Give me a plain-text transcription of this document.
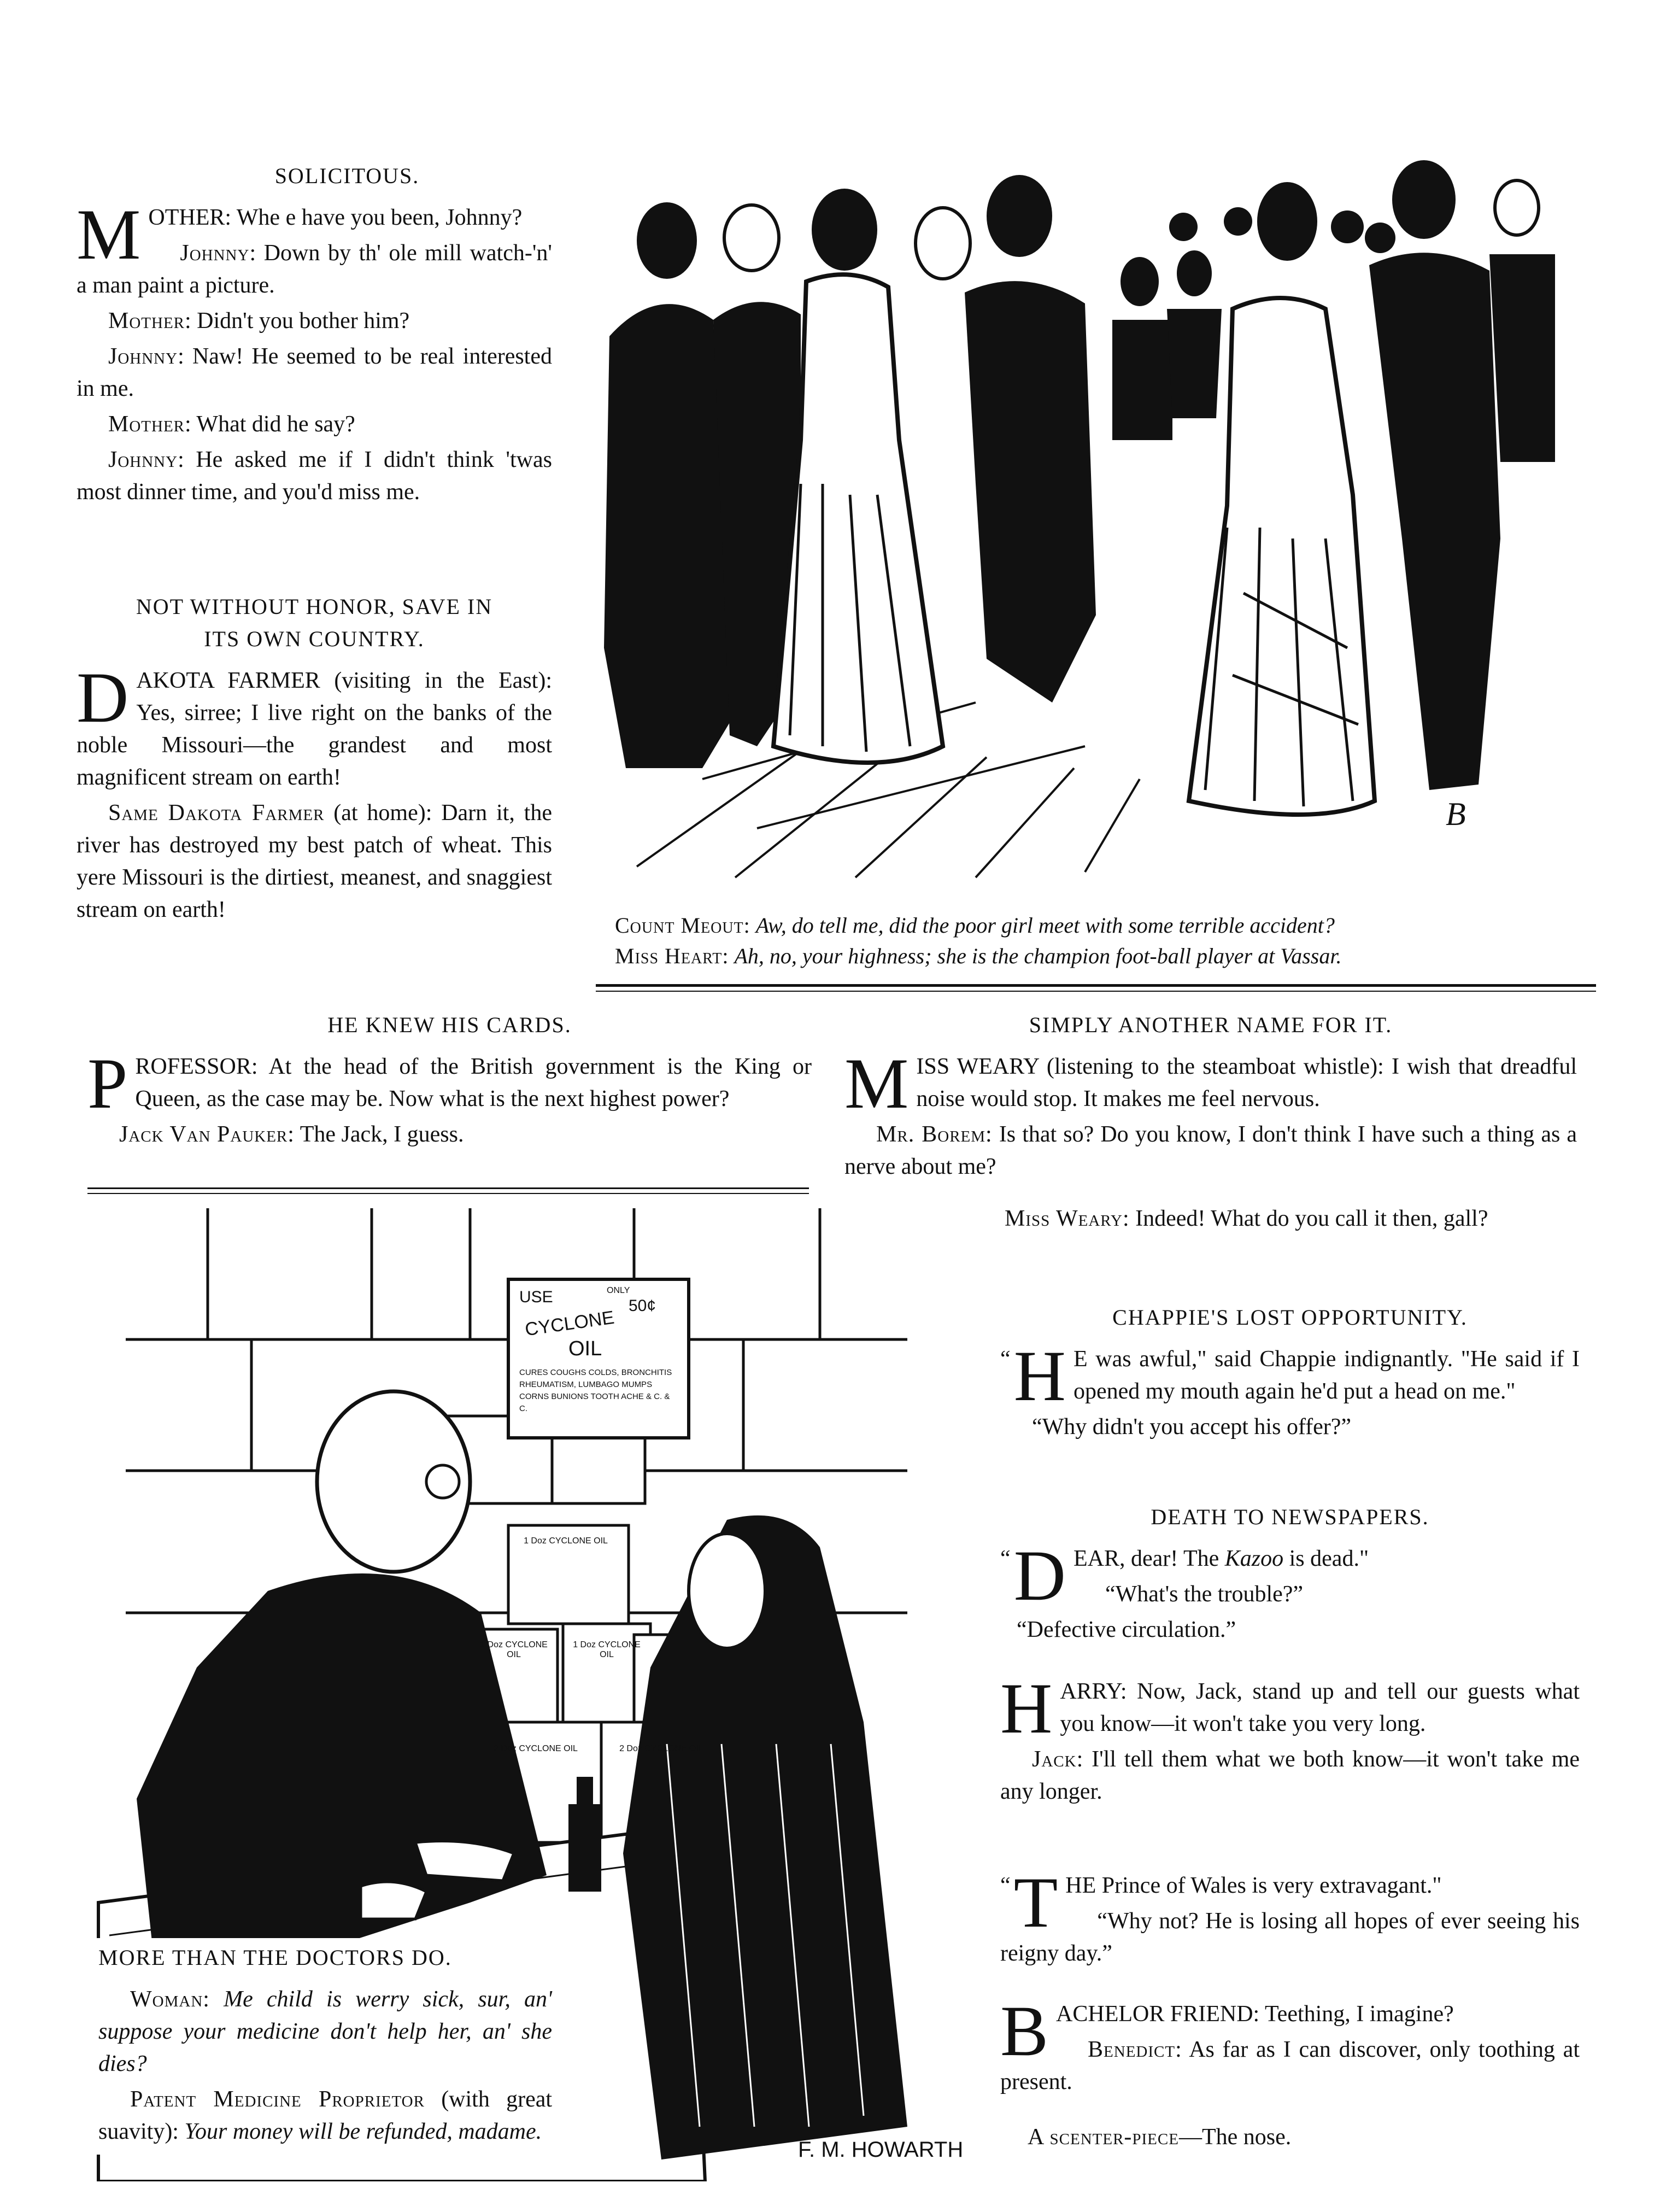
SOLICITOUS.

MOTHER: Whe e have you been, Johnny?

Johnny: Down by th' ole mill watch-'n' a man paint a picture.

Mother: Didn't you bother him?

Johnny: Naw! He seemed to be real interested in me.

Mother: What did he say?

Johnny: He asked me if I didn't think 'twas most dinner time, and you'd miss me.

NOT WITHOUT HONOR, SAVE IN
ITS OWN COUNTRY.

DAKOTA FARMER (visiting in the East): Yes, sirree; I live right on the banks of the noble Missouri—the grandest and most magnificent stream on earth!

Same Dakota Farmer (at home): Darn it, the river has destroyed my best patch of wheat. This yere Missouri is the dirtiest, meanest, and snaggiest stream on earth!

B
Count Meout: Aw, do tell me, did the poor girl meet with some terrible accident?
Miss Heart: Ah, no, your highness; she is the champion foot-ball player at Vassar.
HE KNEW HIS CARDS.

PROFESSOR: At the head of the British government is the King or Queen, as the case may be. Now what is the next highest power?

Jack Van Pauker: The Jack, I guess.

SIMPLY ANOTHER NAME FOR IT.

MISS WEARY (listening to the steamboat whistle): I wish that dreadful noise would stop. It makes me feel nervous.

Mr. Borem: Is that so? Do you know, I don't think I have such a thing as a nerve about me?

Miss Weary: Indeed! What do you call it then, gall?

CHAPPIE'S LOST OPPORTUNITY.

“ H E was awful," said Chappie indignantly. "He said if I opened my mouth again he'd put a head on me."

“Why didn't you accept his offer?”

DEATH TO NEWSPAPERS.

“ D EAR, dear! The Kazoo is dead."

“What's the trouble?”

“Defective circulation.”

HARRY: Now, Jack, stand up and tell our guests what you know—it won't take you very long.

Jack: I'll tell them what we both know—it won't take me any longer.

“ T HE Prince of Wales is very extravagant."

“Why not? He is losing all hopes of ever seeing his reigny day.”

BACHELOR FRIEND: Teething, I imagine?

Benedict: As far as I can discover, only toothing at present.

A scenter-piece—The nose.
USE	ONLY
50¢
CYCLONE
OIL
CURES COUGHS COLDS, BRONCHITIS RHEUMATISM, LUMBAGO MUMPS CORNS BUNIONS TOOTH ACHE & C. & C.
1 Doz CYCLONE OIL
1 Doz CYCLONE OIL
1 Doz CYCLONE OIL
2 Doz CYCLONE OIL	2 Doz CYCLONE OIL
F. M. HOWARTH
MORE THAN THE DOCTORS DO.

Woman: Me child is werry sick, sur, an' suppose your medicine don't help her, an' she dies?

Patent Medicine Proprietor (with great suavity): Your money will be refunded, madame.
